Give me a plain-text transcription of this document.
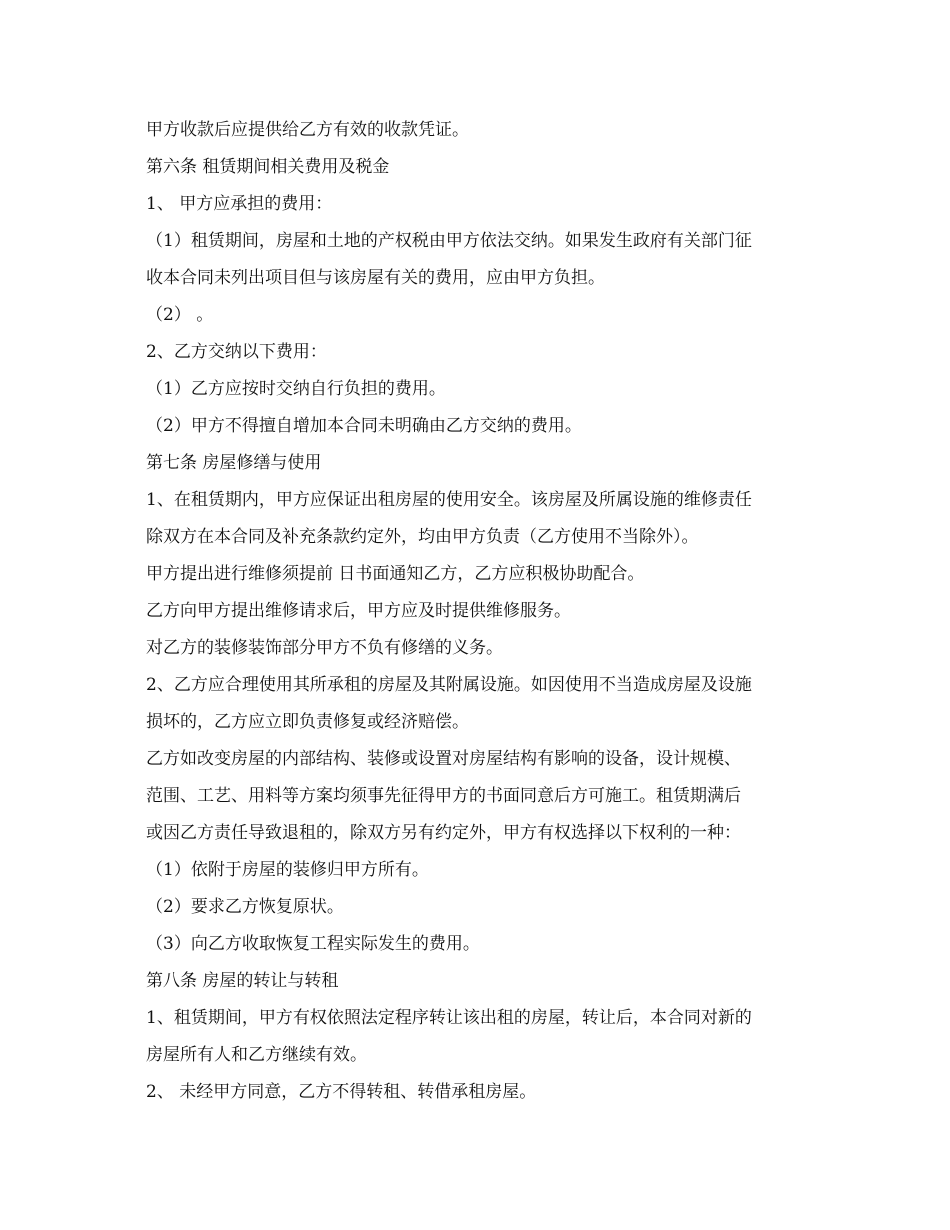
甲方收款后应提供给乙方有效的收款凭证。
第六条 租赁期间相关费用及税金
1、 甲方应承担的费用：
（1）租赁期间，房屋和土地的产权税由甲方依法交纳。如果发生政府有关部门征
收本合同未列出项目但与该房屋有关的费用，应由甲方负担。
（2） 。
2、乙方交纳以下费用：
（1）乙方应按时交纳自行负担的费用。
（2）甲方不得擅自增加本合同未明确由乙方交纳的费用。
第七条 房屋修缮与使用
1、在租赁期内，甲方应保证出租房屋的使用安全。该房屋及所属设施的维修责任
除双方在本合同及补充条款约定外，均由甲方负责（乙方使用不当除外）。
甲方提出进行维修须提前 日书面通知乙方，乙方应积极协助配合。
乙方向甲方提出维修请求后，甲方应及时提供维修服务。
对乙方的装修装饰部分甲方不负有修缮的义务。
2、乙方应合理使用其所承租的房屋及其附属设施。如因使用不当造成房屋及设施
损坏的，乙方应立即负责修复或经济赔偿。
乙方如改变房屋的内部结构、装修或设置对房屋结构有影响的设备，设计规模、
范围、工艺、用料等方案均须事先征得甲方的书面同意后方可施工。租赁期满后
或因乙方责任导致退租的，除双方另有约定外，甲方有权选择以下权利的一种：
（1）依附于房屋的装修归甲方所有。
（2）要求乙方恢复原状。
（3）向乙方收取恢复工程实际发生的费用。
第八条 房屋的转让与转租
1、租赁期间，甲方有权依照法定程序转让该出租的房屋，转让后，本合同对新的
房屋所有人和乙方继续有效。
2、 未经甲方同意，乙方不得转租、转借承租房屋。
